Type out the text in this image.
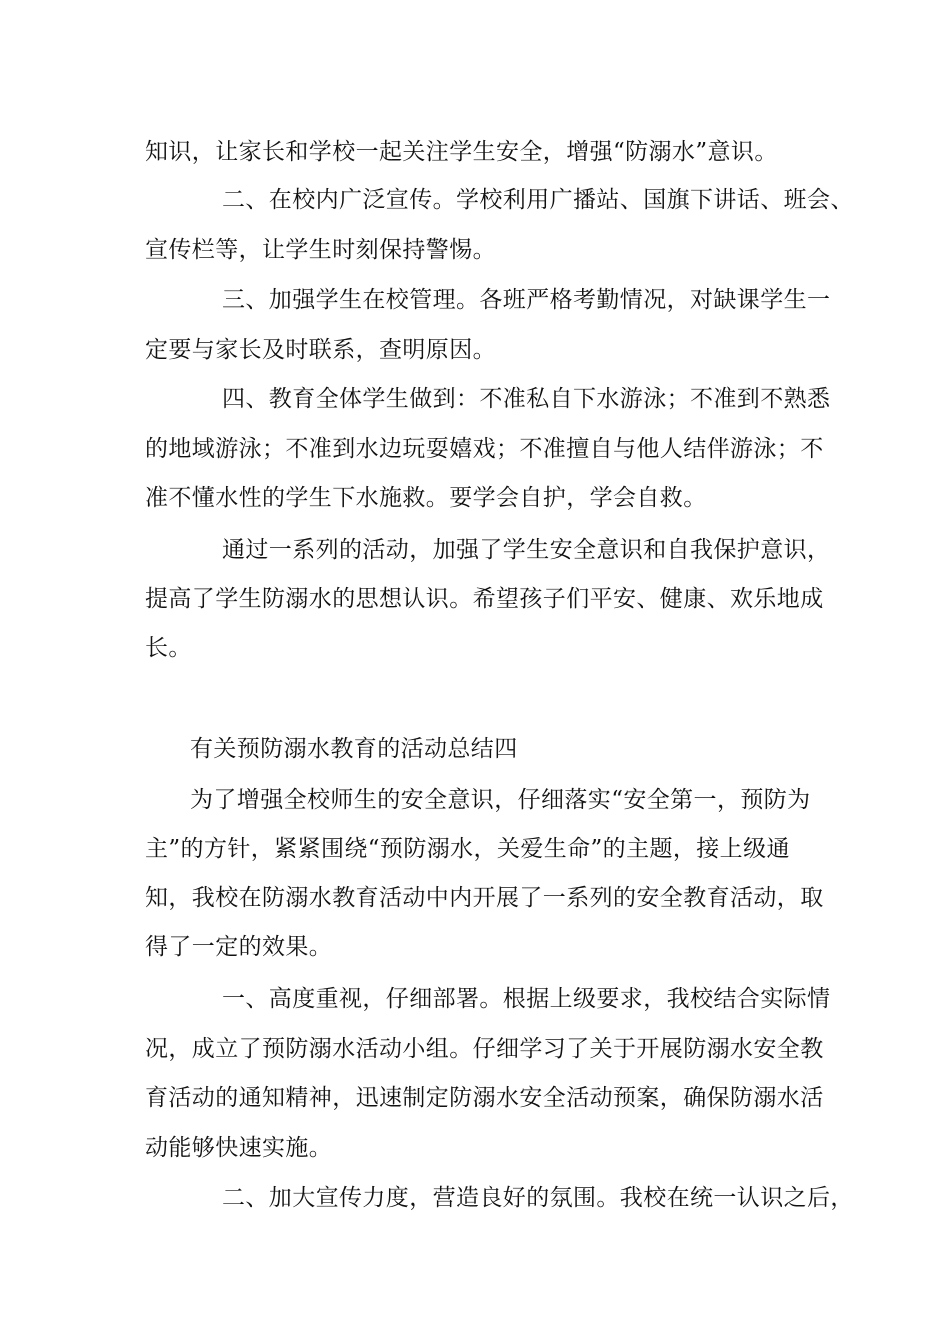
知识，让家长和学校一起关注学生安全，增强“防溺水”意识。
二、在校内广泛宣传。学校利用广播站、国旗下讲话、班会、
宣传栏等，让学生时刻保持警惕。
三、加强学生在校管理。各班严格考勤情况，对缺课学生一
定要与家长及时联系，查明原因。
四、教育全体学生做到：不准私自下水游泳；不准到不熟悉
的地域游泳；不准到水边玩耍嬉戏；不准擅自与他人结伴游泳；不
准不懂水性的学生下水施救。要学会自护，学会自救。
通过一系列的活动，加强了学生安全意识和自我保护意识，
提高了学生防溺水的思想认识。希望孩子们平安、健康、欢乐地成
长。
有关预防溺水教育的活动总结四
为了增强全校师生的安全意识，仔细落实“安全第一，预防为
主”的方针，紧紧围绕“预防溺水，关爱生命”的主题，接上级通
知，我校在防溺水教育活动中内开展了一系列的安全教育活动，取
得了一定的效果。
一、高度重视，仔细部署。根据上级要求，我校结合实际情
况，成立了预防溺水活动小组。仔细学习了关于开展防溺水安全教
育活动的通知精神，迅速制定防溺水安全活动预案，确保防溺水活
动能够快速实施。
二、加大宣传力度，营造良好的氛围。我校在统一认识之后，
